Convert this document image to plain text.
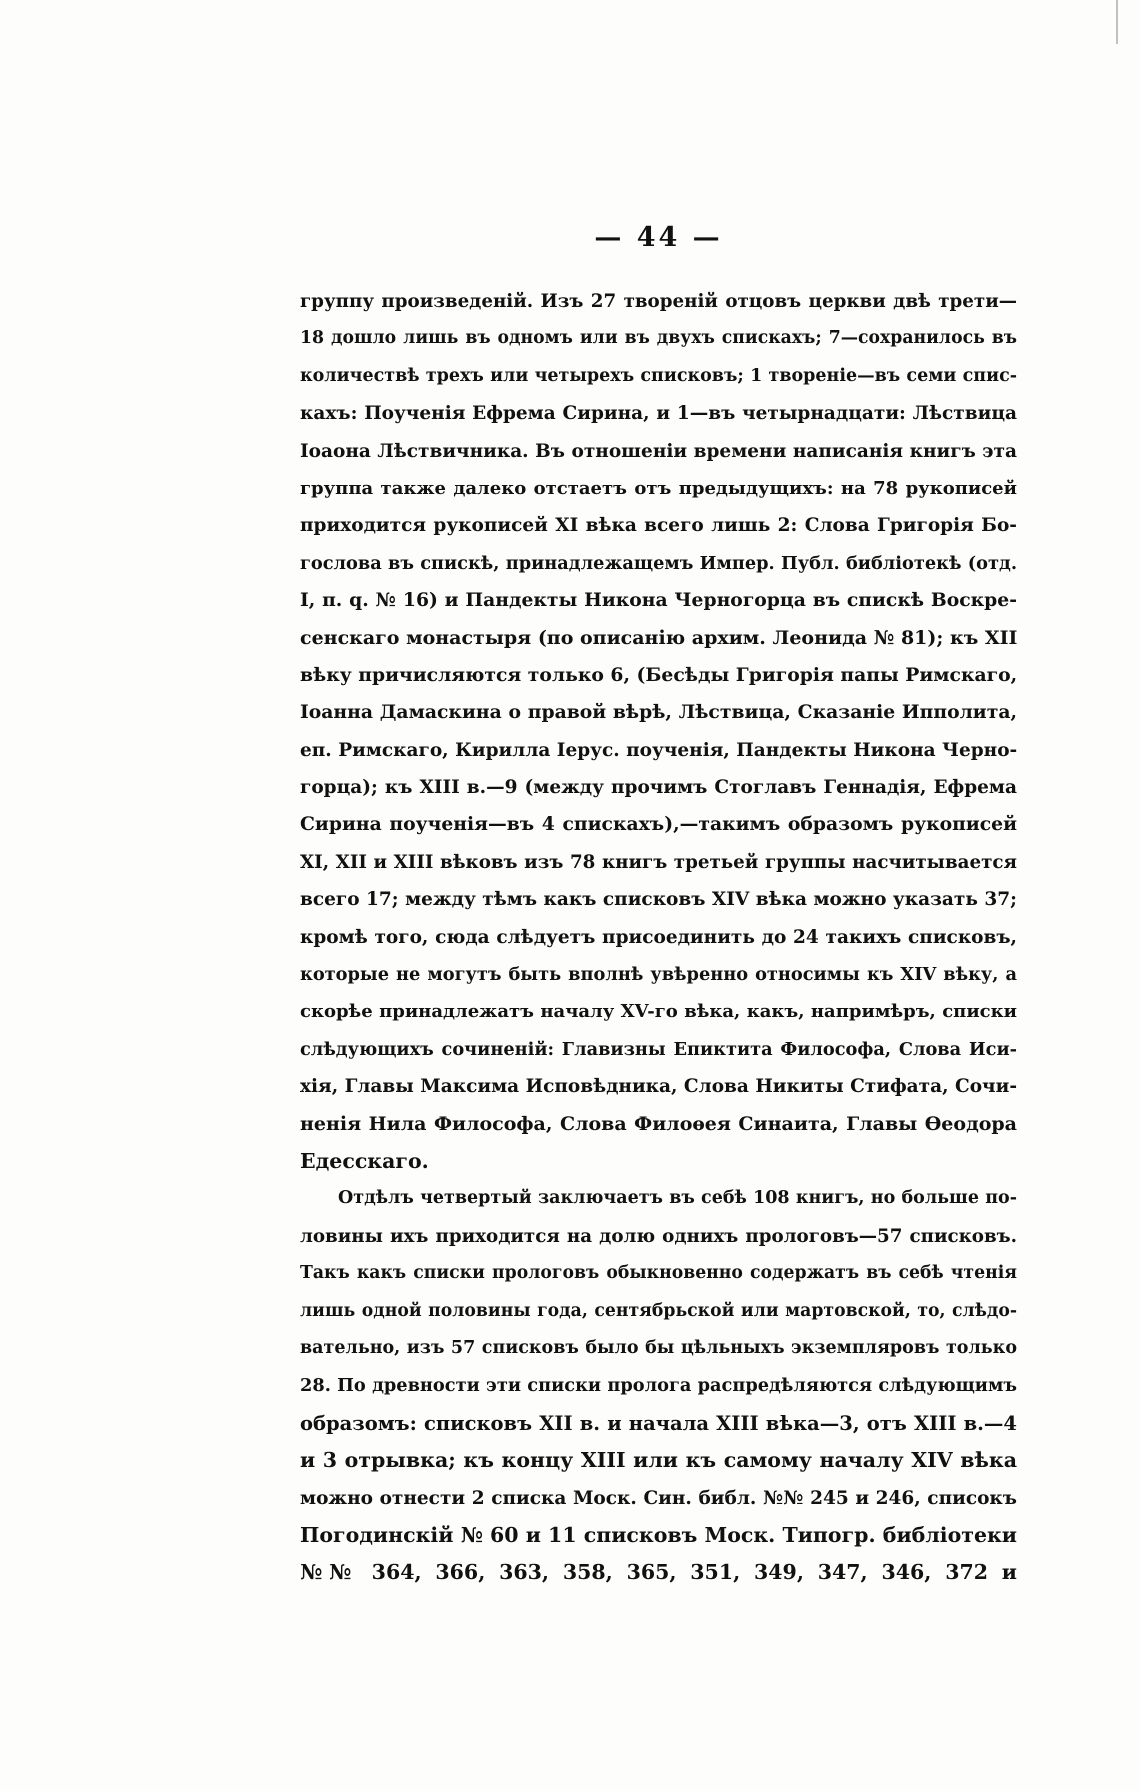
— 44 —
группу произведеній. Изъ 27 твореній отцовъ церкви двѣ трети—
18 дошло лишь въ одномъ или въ двухъ спискахъ; 7—сохранилось въ
количествѣ трехъ или четырехъ списковъ; 1 твореніе—въ семи спис-
кахъ: Поученія Ефрема Сирина, и 1—въ четырнадцати: Лѣствица
Іоаона Лѣствичника. Въ отношеніи времени написанія книгъ эта
группа также далеко отстаетъ отъ предыдущихъ: на 78 рукописей
приходится рукописей XI вѣка всего лишь 2: Слова Григорія Бо-
гослова въ спискѣ, принадлежащемъ Импер. Публ. библіотекѣ (отд.
I, п. q. № 16) и Пандекты Никона Черногорца въ спискѣ Воскре-
сенскаго монастыря (по описанію архим. Леонида № 81); къ XII
вѣку причисляются только 6, (Бесѣды Григорія папы Римскаго,
Іоанна Дамаскина о правой вѣрѣ, Лѣствица, Сказаніе Ипполита,
еп. Римскаго, Кирилла Іерус. поученія, Пандекты Никона Черно-
горца); къ XIII в.—9 (между прочимъ Стоглавъ Геннадія, Ефрема
Сирина поученія—въ 4 спискахъ),—такимъ образомъ рукописей
XI, XII и XIII вѣковъ изъ 78 книгъ третьей группы насчитывается
всего 17; между тѣмъ какъ списковъ XIV вѣка можно указать 37;
кромѣ того, сюда слѣдуетъ присоединить до 24 такихъ списковъ,
которые не могутъ быть вполнѣ увѣренно относимы къ XIV вѣку, а
скорѣе принадлежатъ началу XV-го вѣка, какъ, напримѣръ, списки
слѣдующихъ сочиненій: Главизны Епиктита Философа, Слова Иси-
хія, Главы Максима Исповѣдника, Слова Никиты Стифата, Сочи-
ненія Нила Философа, Слова Филоѳея Синаита, Главы Ѳеодора
Едесскаго.
Отдѣлъ четвертый заключаетъ въ себѣ 108 книгъ, но больше по-
ловины ихъ приходится на долю однихъ прологовъ—57 списковъ.
Такъ какъ списки прологовъ обыкновенно содержатъ въ себѣ чтенія
лишь одной половины года, сентябрьской или мартовской, то, слѣдо-
вательно, изъ 57 списковъ было бы цѣльныхъ экземпляровъ только
28. По древности эти списки пролога распредѣляются слѣдующимъ
образомъ: списковъ XII в. и начала XIII вѣка—3, отъ XIII в.—4
и 3 отрывка; къ концу XIII или къ самому началу XIV вѣка
можно отнести 2 списка Моск. Син. библ. №№ 245 и 246, списокъ
Погодинскій № 60 и 11 списковъ Моск. Типогр. библіотеки
№№ 364, 366, 363, 358, 365, 351, 349, 347, 346, 372 и
